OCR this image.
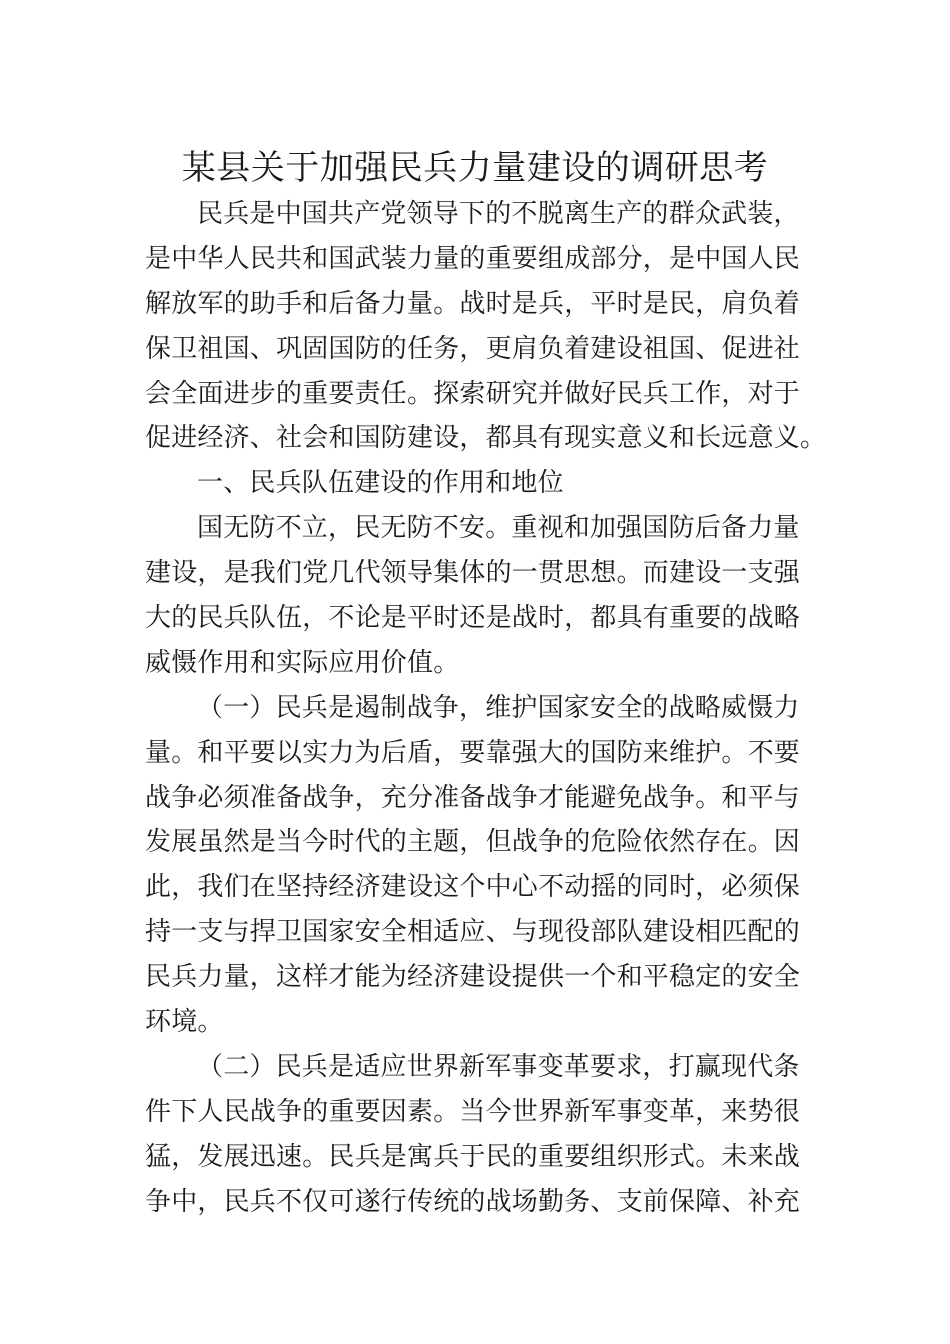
某县关于加强民兵力量建设的调研思考
民兵是中国共产党领导下的不脱离生产的群众武装，
是中华人民共和国武装力量的重要组成部分，是中国人民
解放军的助手和后备力量。战时是兵，平时是民，肩负着
保卫祖国、巩固国防的任务，更肩负着建设祖国、促进社
会全面进步的重要责任。探索研究并做好民兵工作，对于
促进经济、社会和国防建设，都具有现实意义和长远意义。
一、民兵队伍建设的作用和地位
国无防不立，民无防不安。重视和加强国防后备力量
建设，是我们党几代领导集体的一贯思想。而建设一支强
大的民兵队伍，不论是平时还是战时，都具有重要的战略
威慑作用和实际应用价值。
（一）民兵是遏制战争，维护国家安全的战略威慑力
量。和平要以实力为后盾，要靠强大的国防来维护。不要
战争必须准备战争，充分准备战争才能避免战争。和平与
发展虽然是当今时代的主题，但战争的危险依然存在。因
此，我们在坚持经济建设这个中心不动摇的同时，必须保
持一支与捍卫国家安全相适应、与现役部队建设相匹配的
民兵力量，这样才能为经济建设提供一个和平稳定的安全
环境。
（二）民兵是适应世界新军事变革要求，打赢现代条
件下人民战争的重要因素。当今世界新军事变革，来势很
猛，发展迅速。民兵是寓兵于民的重要组织形式。未来战
争中，民兵不仅可遂行传统的战场勤务、支前保障、补充
